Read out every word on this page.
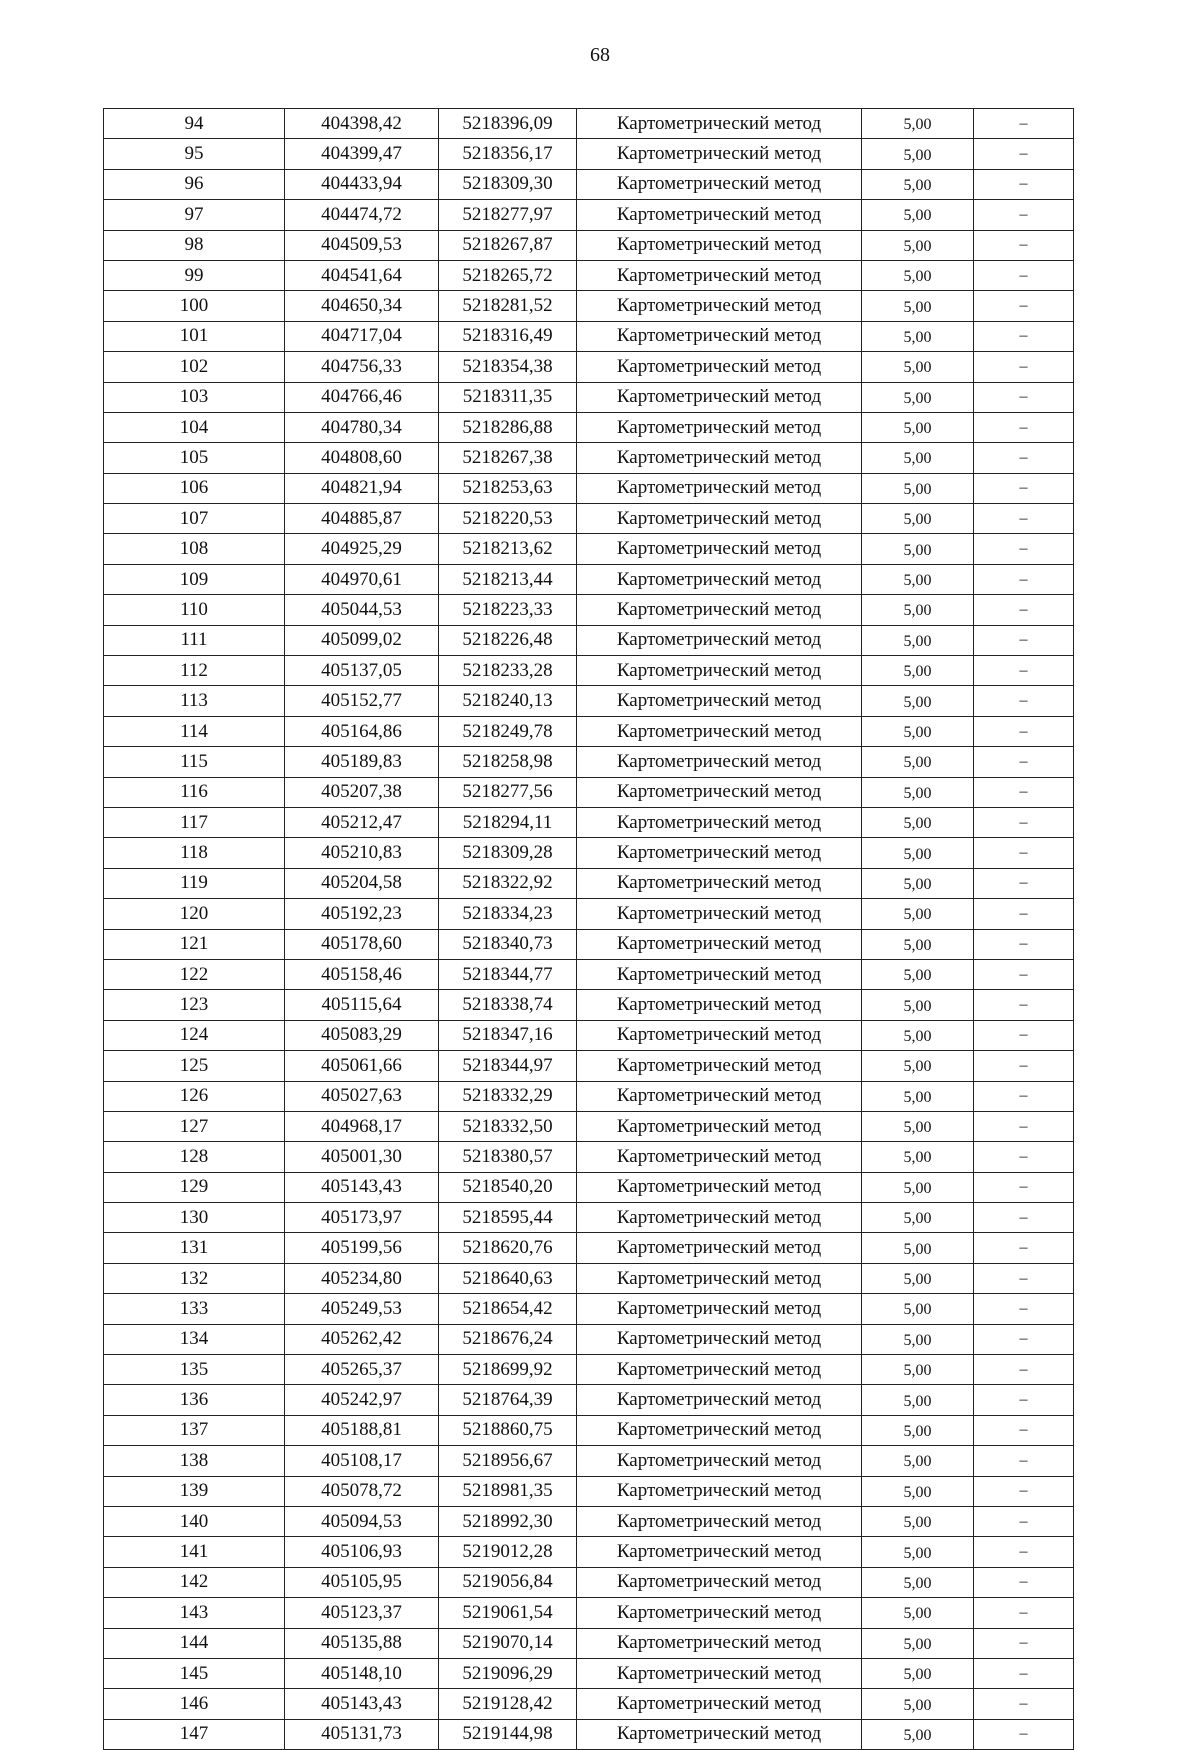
68
94	404398,42	5218396,09	Картометрический метод	5,00	–
95	404399,47	5218356,17	Картометрический метод	5,00	–
96	404433,94	5218309,30	Картометрический метод	5,00	–
97	404474,72	5218277,97	Картометрический метод	5,00	–
98	404509,53	5218267,87	Картометрический метод	5,00	–
99	404541,64	5218265,72	Картометрический метод	5,00	–
100	404650,34	5218281,52	Картометрический метод	5,00	–
101	404717,04	5218316,49	Картометрический метод	5,00	–
102	404756,33	5218354,38	Картометрический метод	5,00	–
103	404766,46	5218311,35	Картометрический метод	5,00	–
104	404780,34	5218286,88	Картометрический метод	5,00	–
105	404808,60	5218267,38	Картометрический метод	5,00	–
106	404821,94	5218253,63	Картометрический метод	5,00	–
107	404885,87	5218220,53	Картометрический метод	5,00	–
108	404925,29	5218213,62	Картометрический метод	5,00	–
109	404970,61	5218213,44	Картометрический метод	5,00	–
110	405044,53	5218223,33	Картометрический метод	5,00	–
111	405099,02	5218226,48	Картометрический метод	5,00	–
112	405137,05	5218233,28	Картометрический метод	5,00	–
113	405152,77	5218240,13	Картометрический метод	5,00	–
114	405164,86	5218249,78	Картометрический метод	5,00	–
115	405189,83	5218258,98	Картометрический метод	5,00	–
116	405207,38	5218277,56	Картометрический метод	5,00	–
117	405212,47	5218294,11	Картометрический метод	5,00	–
118	405210,83	5218309,28	Картометрический метод	5,00	–
119	405204,58	5218322,92	Картометрический метод	5,00	–
120	405192,23	5218334,23	Картометрический метод	5,00	–
121	405178,60	5218340,73	Картометрический метод	5,00	–
122	405158,46	5218344,77	Картометрический метод	5,00	–
123	405115,64	5218338,74	Картометрический метод	5,00	–
124	405083,29	5218347,16	Картометрический метод	5,00	–
125	405061,66	5218344,97	Картометрический метод	5,00	–
126	405027,63	5218332,29	Картометрический метод	5,00	–
127	404968,17	5218332,50	Картометрический метод	5,00	–
128	405001,30	5218380,57	Картометрический метод	5,00	–
129	405143,43	5218540,20	Картометрический метод	5,00	–
130	405173,97	5218595,44	Картометрический метод	5,00	–
131	405199,56	5218620,76	Картометрический метод	5,00	–
132	405234,80	5218640,63	Картометрический метод	5,00	–
133	405249,53	5218654,42	Картометрический метод	5,00	–
134	405262,42	5218676,24	Картометрический метод	5,00	–
135	405265,37	5218699,92	Картометрический метод	5,00	–
136	405242,97	5218764,39	Картометрический метод	5,00	–
137	405188,81	5218860,75	Картометрический метод	5,00	–
138	405108,17	5218956,67	Картометрический метод	5,00	–
139	405078,72	5218981,35	Картометрический метод	5,00	–
140	405094,53	5218992,30	Картометрический метод	5,00	–
141	405106,93	5219012,28	Картометрический метод	5,00	–
142	405105,95	5219056,84	Картометрический метод	5,00	–
143	405123,37	5219061,54	Картометрический метод	5,00	–
144	405135,88	5219070,14	Картометрический метод	5,00	–
145	405148,10	5219096,29	Картометрический метод	5,00	–
146	405143,43	5219128,42	Картометрический метод	5,00	–
147	405131,73	5219144,98	Картометрический метод	5,00	–
